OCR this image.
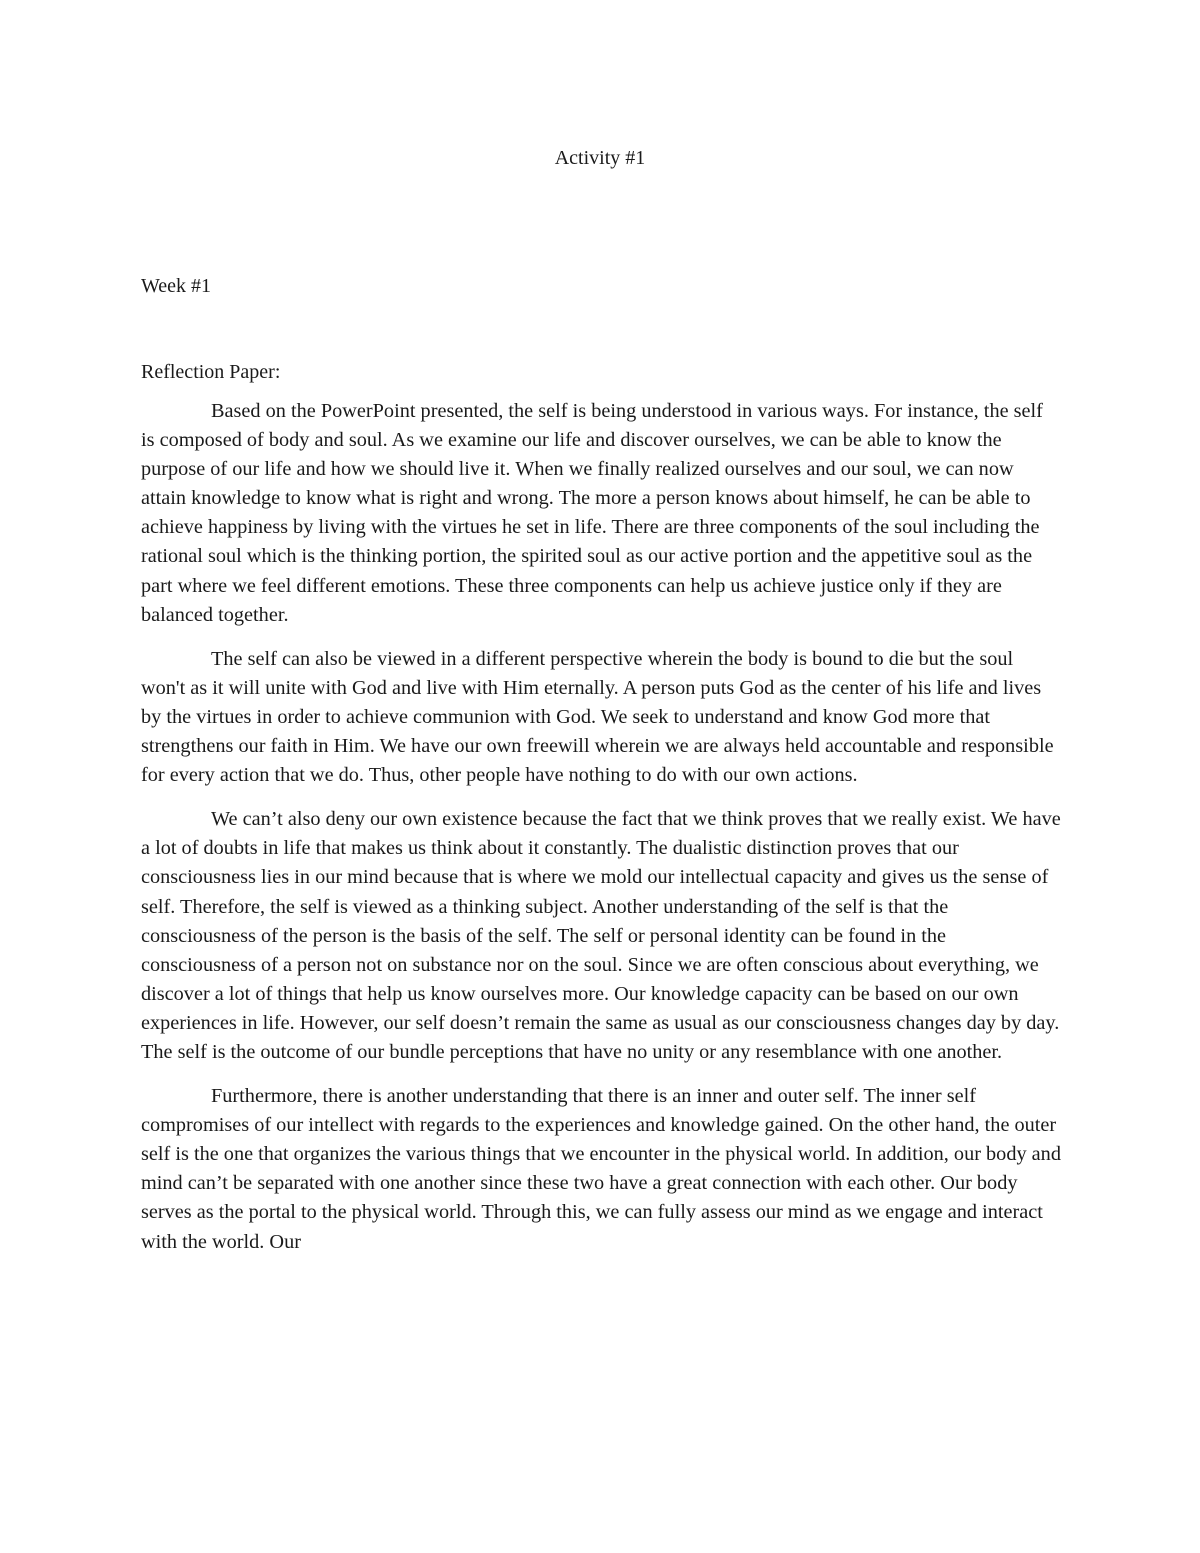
Activity #1
Week #1
Reflection Paper:

Based on the PowerPoint presented, the self is being understood in various ways. For instance, the self is composed of body and soul. As we examine our life and discover ourselves, we can be able to know the purpose of our life and how we should live it. When we finally realized ourselves and our soul, we can now attain knowledge to know what is right and wrong. The more a person knows about himself, he can be able to achieve happiness by living with the virtues he set in life. There are three components of the soul including the rational soul which is the thinking portion, the spirited soul as our active portion and the appetitive soul as the part where we feel different emotions. These three components can help us achieve justice only if they are balanced together.

The self can also be viewed in a different perspective wherein the body is bound to die but the soul won't as it will unite with God and live with Him eternally. A person puts God as the center of his life and lives by the virtues in order to achieve communion with God. We seek to understand and know God more that strengthens our faith in Him. We have our own freewill wherein we are always held accountable and responsible for every action that we do. Thus, other people have nothing to do with our own actions.

We can’t also deny our own existence because the fact that we think proves that we really exist. We have a lot of doubts in life that makes us think about it constantly. The dualistic distinction proves that our consciousness lies in our mind because that is where we mold our intellectual capacity and gives us the sense of self. Therefore, the self is viewed as a thinking subject. Another understanding of the self is that the consciousness of the person is the basis of the self. The self or personal identity can be found in the consciousness of a person not on substance nor on the soul. Since we are often conscious about everything, we discover a lot of things that help us know ourselves more. Our knowledge capacity can be based on our own experiences in life. However, our self doesn’t remain the same as usual as our consciousness changes day by day. The self is the outcome of our bundle perceptions that have no unity or any resemblance with one another.

Furthermore, there is another understanding that there is an inner and outer self. The inner self compromises of our intellect with regards to the experiences and knowledge gained. On the other hand, the outer self is the one that organizes the various things that we encounter in the physical world. In addition, our body and mind can’t be separated with one another since these two have a great connection with each other. Our body serves as the portal to the physical world. Through this, we can fully assess our mind as we engage and interact with the world. Our
